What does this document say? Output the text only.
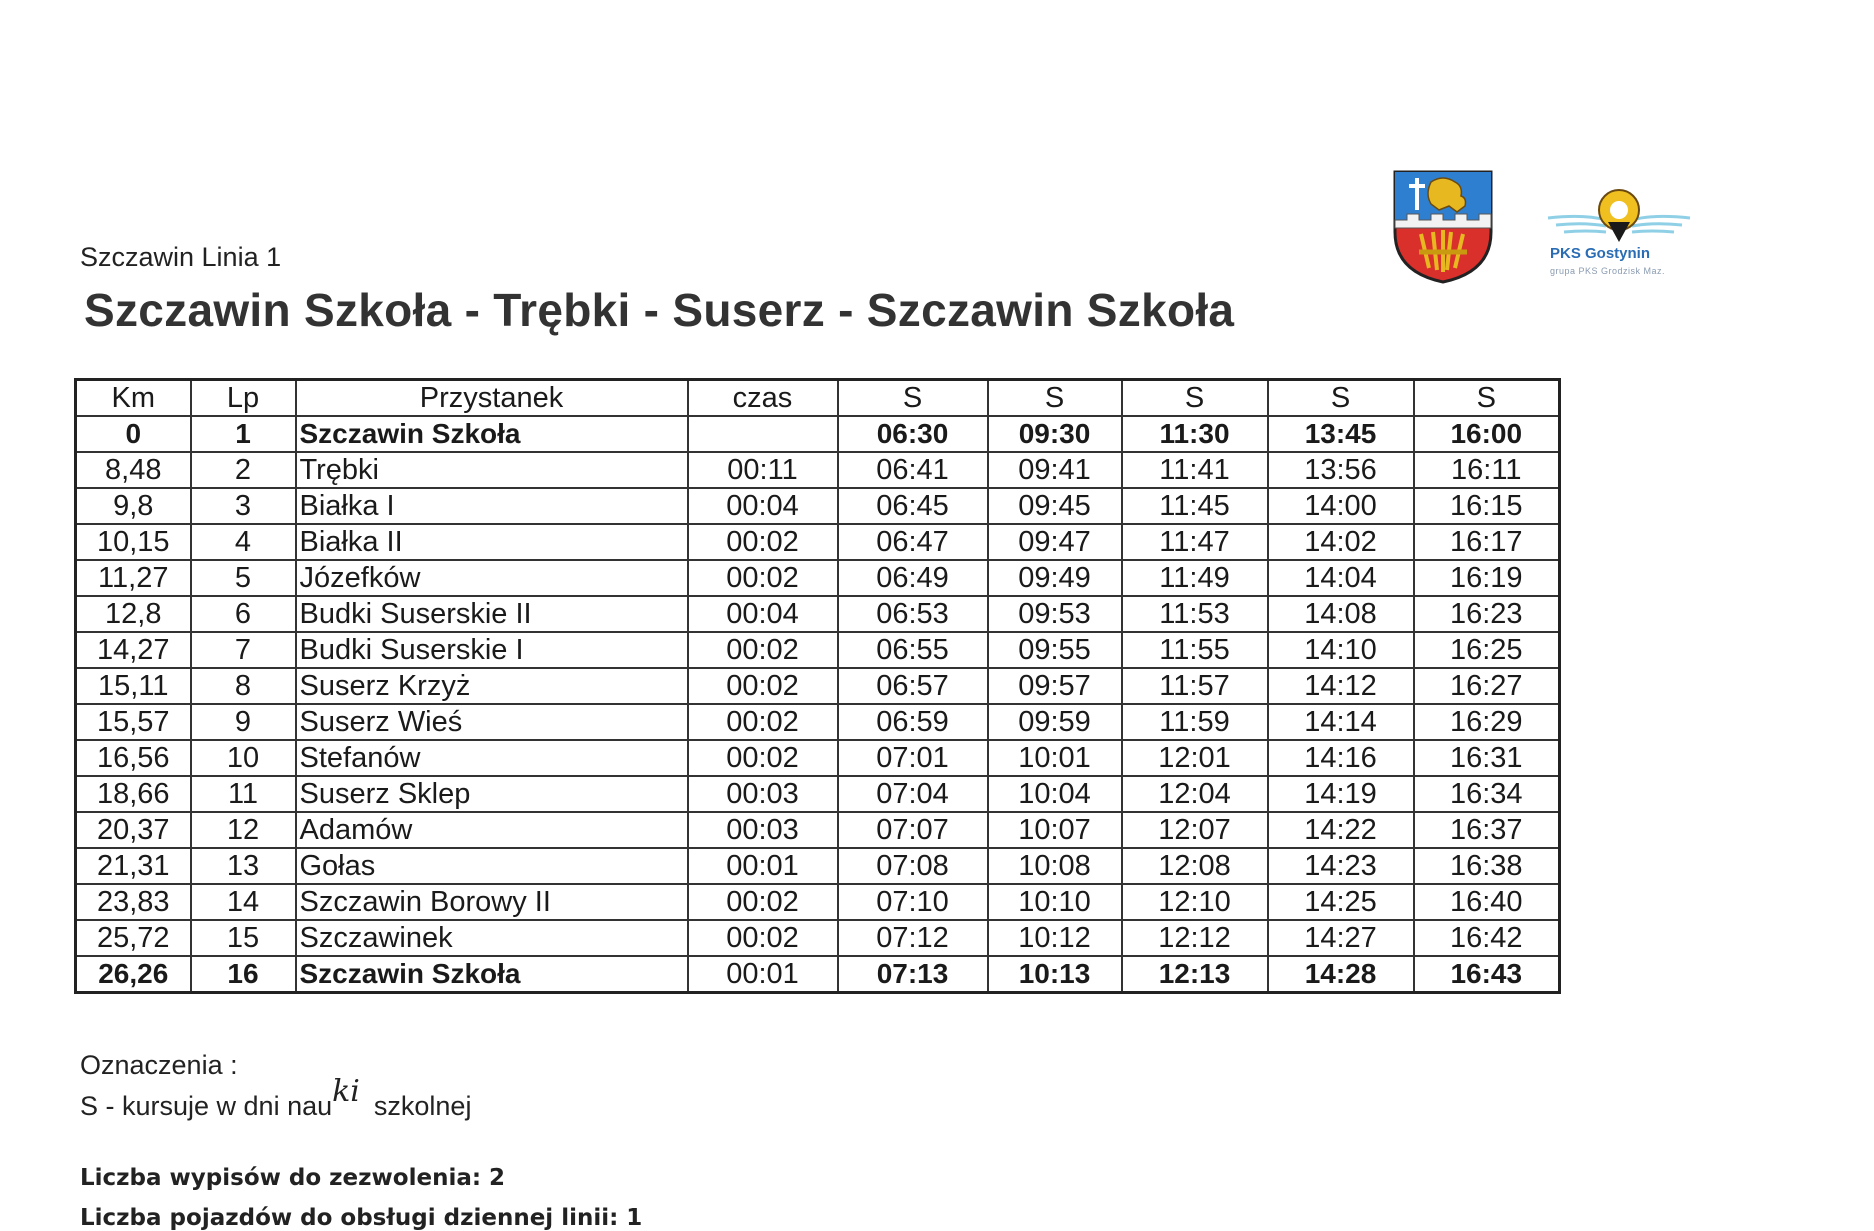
Szczawin Linia 1
Szczawin Szkoła - Trębki - Suserz - Szczawin Szkoła
PKS Gostynin
grupa PKS Grodzisk Maz.
Km	Lp	Przystanek	czas	S	S	S	S	S
0	1	Szczawin Szkoła		06:30	09:30	11:30	13:45	16:00
8,48	2	Trębki	00:11	06:41	09:41	11:41	13:56	16:11
9,8	3	Białka I	00:04	06:45	09:45	11:45	14:00	16:15
10,15	4	Białka II	00:02	06:47	09:47	11:47	14:02	16:17
11,27	5	Józefków	00:02	06:49	09:49	11:49	14:04	16:19
12,8	6	Budki Suserskie II	00:04	06:53	09:53	11:53	14:08	16:23
14,27	7	Budki Suserskie I	00:02	06:55	09:55	11:55	14:10	16:25
15,11	8	Suserz Krzyż	00:02	06:57	09:57	11:57	14:12	16:27
15,57	9	Suserz Wieś	00:02	06:59	09:59	11:59	14:14	16:29
16,56	10	Stefanów	00:02	07:01	10:01	12:01	14:16	16:31
18,66	11	Suserz Sklep	00:03	07:04	10:04	12:04	14:19	16:34
20,37	12	Adamów	00:03	07:07	10:07	12:07	14:22	16:37
21,31	13	Gołas	00:01	07:08	10:08	12:08	14:23	16:38
23,83	14	Szczawin Borowy II	00:02	07:10	10:10	12:10	14:25	16:40
25,72	15	Szczawinek	00:02	07:12	10:12	12:12	14:27	16:42
26,26	16	Szczawin Szkoła	00:01	07:13	10:13	12:13	14:28	16:43
Oznaczenia :
S - kursuje w dni nauki szkolnej
Liczba wypisów do zezwolenia: 2
Liczba pojazdów do obsługi dziennej linii: 1
